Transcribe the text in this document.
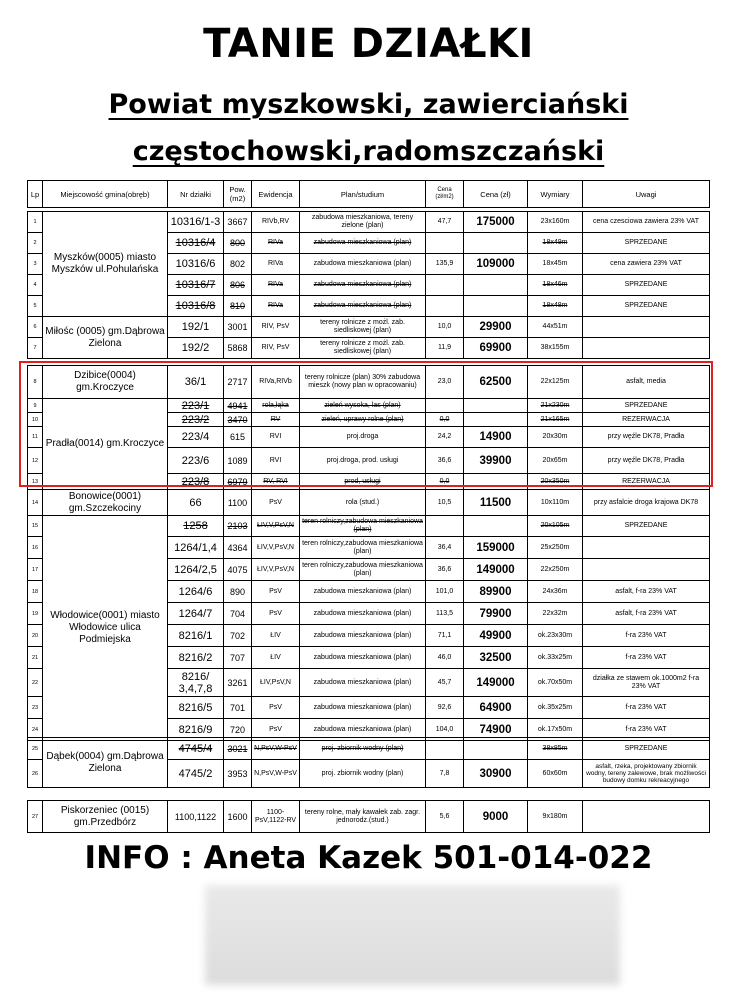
TANIE DZIAŁKI
Powiat myszkowski, zawierciański
częstochowski,radomszczański
Lp	Miejscowość gmina(obręb)	Nr działki	Pow. (m2)	Ewidencja	Plan/studium	Cena (zł/m2)	Cena (zł)	Wymiary	Uwagi
1	Myszków(0005) miasto Myszków ul.Pohulańska	10316/1-3	3667	RIVb,RV	zabudowa mieszkaniowa, tereny zielone (plan)	47,7	175000	23x160m	cena czesciowa zawiera 23% VAT
2		10316/4	800	RIVa	zabudowa mieszkaniowa (plan)			18x49m	SPRZEDANE
3		10316/6	802	RIVa	zabudowa mieszkaniowa (plan)	135,9	109000	18x45m	cena zawiera 23% VAT
4		10316/7	806	RIVa	zabudowa mieszkaniowa (plan)			18x46m	SPRZEDANE
5		10316/8	810	RIVa	zabudowa mieszkaniowa (plan)			18x48m	SPRZEDANE
6	Miłośc (0005) gm.Dąbrowa Zielona	192/1	3001	RIV, PsV	tereny rolnicze z możl. zab. siedliskowej (plan)	10,0	29900	44x51m	
7		192/2	5868	RIV, PsV	tereny rolnicze z możl. zab. siedliskowej (plan)	11,9	69900	38x155m	

8	Dzibice(0004) gm.Kroczyce	36/1	2717	RIVa,RIVb	tereny rolnicze (plan) 30% zabudowa mieszk (nowy plan w opracowaniu)	23,0	62500	22x125m	asfalt, media
9	Pradła(0014) gm.Kroczyce	223/1	4941	rola,łąka	zieleń wysoka, las (plan)			21x230m	SPRZEDANE
10		223/2	3470	RV	zieleń, uprawy rolne (plan)	0,0		21x165m	REZERWACJA
11		223/4	615	RVI	proj.droga	24,2	14900	20x30m	przy węźle DK78, Pradła
12		223/6	1089	RVI	proj.droga, prod. usługi	36,6	39900	20x65m	przy węźle DK78, Pradła
13		223/8	6979	RV, RVI	prod, usługi	0,0		20x350m	REZERWACJA
14	Bonowice(0001) gm.Szczekociny	66	1100	PsV	rola (stud.)	10,5	11500	10x110m	przy asfalcie droga krajowa DK78
15	Włodowice(0001) miasto Włodowice ulica Podmiejska	1258	2103	ŁIV,V,PsV,N	teren rolniczy,zabudowa mieszkaniowa (plan)			20x105m	SPRZEDANE
16		1264/1,4	4364	ŁIV,V,PsV,N	teren rolniczy,zabudowa mieszkaniowa (plan)	36,4	159000	25x250m	
17		1264/2,5	4075	ŁIV,V,PsV,N	teren rolniczy,zabudowa mieszkaniowa (plan)	36,6	149000	22x250m	
18		1264/6	890	PsV	zabudowa mieszkaniowa (plan)	101,0	89900	24x36m	asfalt, f-ra 23% VAT
19		1264/7	704	PsV	zabudowa mieszkaniowa (plan)	113,5	79900	22x32m	asfalt, f-ra 23% VAT
20		8216/1	702	ŁIV	zabudowa mieszkaniowa (plan)	71,1	49900	ok.23x30m	f-ra 23% VAT
21		8216/2	707	ŁIV	zabudowa mieszkaniowa (plan)	46,0	32500	ok.33x25m	f-ra 23% VAT
22		8216/ 3,4,7,8	3261	ŁIV,PsV,N	zabudowa mieszkaniowa (plan)	45,7	149000	ok.70x50m	działka ze stawem ok.1000m2 f-ra 23% VAT
23		8216/5	701	PsV	zabudowa mieszkaniowa (plan)	92,6	64900	ok.35x25m	f-ra 23% VAT
24		8216/9	720	PsV	zabudowa mieszkaniowa (plan)	104,0	74900	ok.17x50m	f-ra 23% VAT
25	Dąbek(0004) gm.Dąbrowa Zielona	4745/4	3021	N,PsV,W-PsV	proj. zbiornik wodny (plan)			38x85m	SPRZEDANE
26		4745/2	3953	N,PsV,W-PsV	proj. zbiornik wodny (plan)	7,8	30900	60x60m	asfalt, rzeka, projektowany zbiornik wodny, tereny zalewowe, brak możliwości budowy domku rekreacyjnego
27	Piskorzeniec (0015) gm.Przedbórz	1100,1122	1600	1100-PsV,1122-RV	tereny rolne, mały kawałek zab. zagr. jednorodz.(stud.)	5,6	9000	9x180m	
INFO : Aneta Kazek 501-014-022
